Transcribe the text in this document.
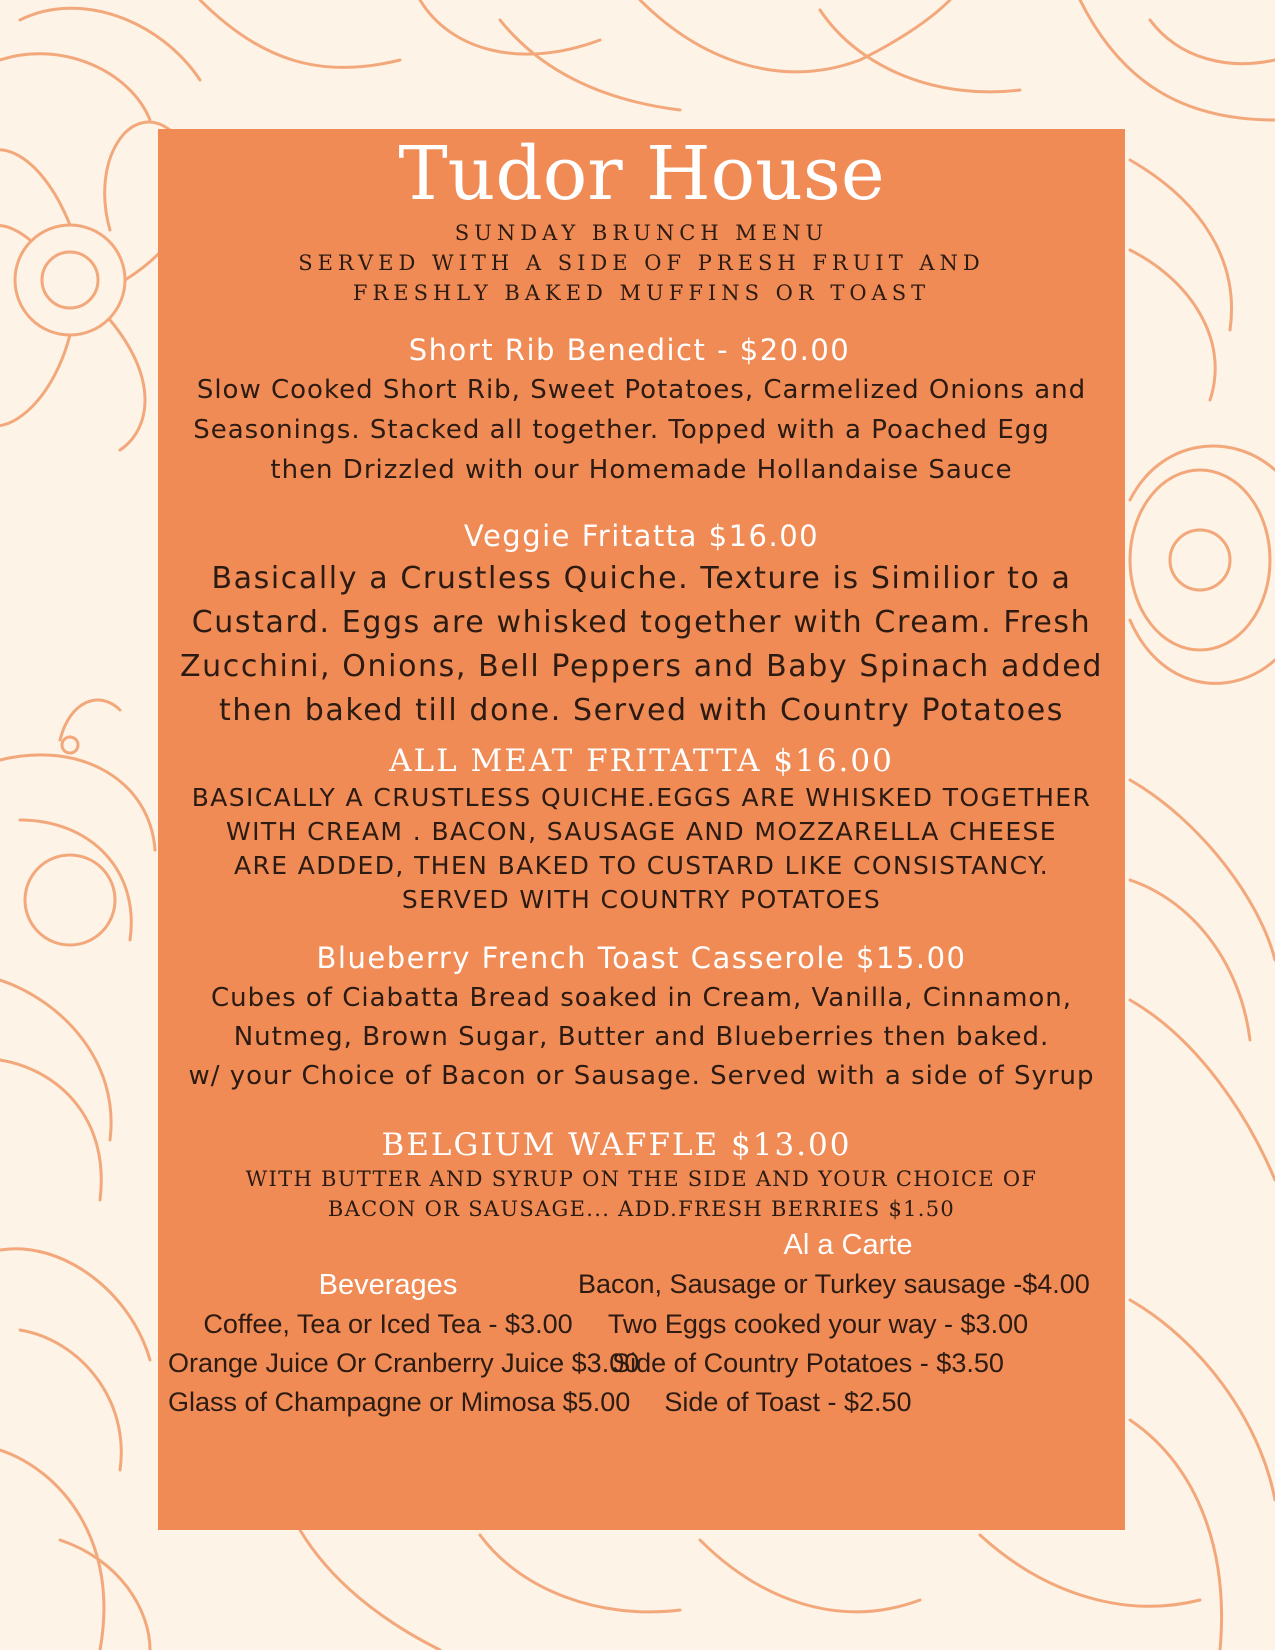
Tudor House
SUNDAY BRUNCH MENU
SERVED WITH A SIDE OF PRESH FRUIT AND
FRESHLY BAKED MUFFINS OR TOAST
Short Rib Benedict - $20.00
Slow Cooked Short Rib, Sweet Potatoes, Carmelized Onions and
Seasonings. Stacked all together. Topped with a Poached Egg
then Drizzled with our Homemade Hollandaise Sauce
Veggie Fritatta $16.00
Basically a Crustless Quiche. Texture is Similior to a
Custard. Eggs are whisked together with Cream. Fresh
Zucchini, Onions, Bell Peppers and Baby Spinach added
then baked till done. Served with Country Potatoes
ALL MEAT FRITATTA $16.00
BASICALLY A CRUSTLESS QUICHE.EGGS ARE WHISKED TOGETHER
WITH CREAM . BACON, SAUSAGE AND MOZZARELLA CHEESE
ARE ADDED, THEN BAKED TO CUSTARD LIKE CONSISTANCY.
SERVED WITH COUNTRY POTATOES
Blueberry French Toast Casserole $15.00
Cubes of Ciabatta Bread soaked in Cream, Vanilla, Cinnamon,
Nutmeg, Brown Sugar, Butter and Blueberries then baked.
w/ your Choice of Bacon or Sausage. Served with a side of Syrup
BELGIUM WAFFLE $13.00
WITH BUTTER AND SYRUP ON THE SIDE AND YOUR CHOICE OF
BACON OR SAUSAGE... ADD.FRESH BERRIES $1.50
Al a Carte
Beverages
Coffee, Tea or Iced Tea - $3.00
Orange Juice Or Cranberry Juice $3.00
Glass of Champagne or Mimosa $5.00
Bacon, Sausage or Turkey sausage -$4.00
Two Eggs cooked your way - $3.00
Side of Country Potatoes - $3.50
Side of Toast - $2.50
